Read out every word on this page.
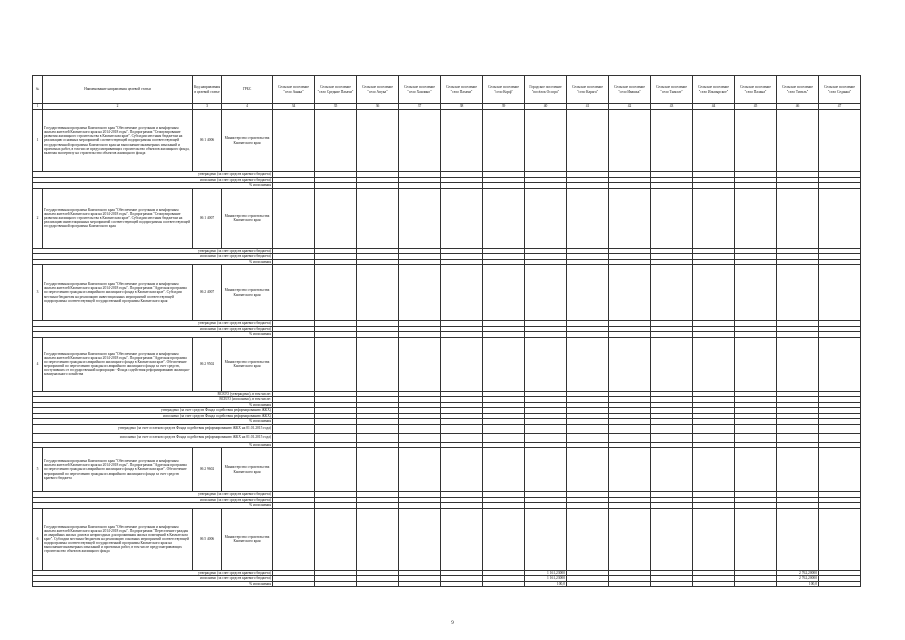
№	Наименование направления целевой статьи	Код направления в целевой статье	ГРБС	Сельское поселение "село Аянка"	Сельское поселение "село Средние Пахачи"	Сельское поселение "село Апука"	Сельское поселение "село Хаилино"	Сельское поселение "село Пахачи"	Сельское поселение "село Корф"	Городское поселение "посёлок Оссора"	Сельское поселение "село Карага"	Сельское поселение "село Ивашка"	Сельское поселение "село Тымлат"	Сельское поселение "село Ильпырское"	Сельское поселение "село Палана"	Сельское поселение "село Тигиль"	Сельское поселение "село Седанка"
1	2	3	4	34	35	36	37	38	39	40	41	42	43	44	45	46	47
1	Государственная программа Камчатского края "Обеспечение доступным и комфортным жильем жителей Камчатского края на 2014-2018 годы". Подпрограмма "Стимулирование развития жилищного строительства в Камчатском крае". Субсидии местным бюджетам на реализацию основных мероприятий соответствующей подпрограммы соответствующей государственной программы Камчатского края на выполнение инженерных изысканий и проектных работ, в том числе предусматривающих строительство объектов жилищного фонда, включая экспертизу на строительство объектов жилищного фонда	06 1 4006	Министерство строительства Камчатского края														
утверждено (за счет средств краевого бюджета)																	
исполнено (за счет средств краевого бюджета)																	
% исполнения																	
2	Государственная программа Камчатского края "Обеспечение доступным и комфортным жильем жителей Камчатского края на 2014-2018 годы". Подпрограмма "Стимулирование развития жилищного строительства в Камчатском крае". Субсидии местным бюджетам на реализацию инвестиционных мероприятий соответствующей подпрограммы соответствующей государственной программы Камчатского края	06 1 4007	Министерство строительства Камчатского края														
утверждено (за счет средств краевого бюджета)																	
исполнено (за счет средств краевого бюджета)																	
% исполнения																	
3	Государственная программа Камчатского края "Обеспечение доступным и комфортным жильем жителей Камчатского края на 2014-2018 годы". Подпрограмма "Адресная программа по переселению граждан из аварийного жилищного фонда в Камчатском крае". Субсидии местным бюджетам на реализацию инвестиционных мероприятий соответствующей подпрограммы соответствующей государственной программы Камчатского края	06 2 4007	Министерство строительства Камчатского края														
утверждено (за счет средств краевого бюджета)																	
исполнено (за счет средств краевого бюджета)																	
% исполнения																	
4	Государственная программа Камчатского края "Обеспечение доступным и комфортным жильем жителей Камчатского края на 2014-2018 годы". Подпрограмма "Адресная программа по переселению граждан из аварийного жилищного фонда в Камчатском крае". Обеспечение мероприятий по переселению граждан из аварийного жилищного фонда за счет средств, поступивших от государственной корпорации - Фонда содействия реформированию жилищно-коммунального хозяйства	06 2 9502	Министерство строительства Камчатского края														
ВСЕГО (утверждено), в том числе:																	
ВСЕГО (исполнено), в том числе:																	
% исполнения																	
утверждено (за счет средств Фонда содействия реформированию ЖКХ)																	
исполнено (за счет средств Фонда содействия реформированию ЖКХ)																	
% исполнения																	
утверждено (за счет остатков средств Фонда содействия реформированию ЖКХ на 01.01.2015 года)																	
исполнено (за счет остатков средств Фонда содействия реформированию ЖКХ на 01.01.2015 года)																	
% исполнения																	
5	Государственная программа Камчатского края "Обеспечение доступным и комфортным жильем жителей Камчатского края на 2014-2018 годы". Подпрограмма "Адресная программа по переселению граждан из аварийного жилищного фонда в Камчатском крае". Обеспечение мероприятий по переселению граждан из аварийного жилищного фонда за счет средств краевого бюджета	06 2 9602	Министерство строительства Камчатского края														
утверждено (за счет средств краевого бюджета)																	
исполнено (за счет средств краевого бюджета)																	
% исполнения																	
6	Государственная программа Камчатского края "Обеспечение доступным и комфортным жильем жителей Камчатского края на 2014-2018 годы". Подпрограмма "Переселение граждан из аварийных жилых домов и непригодных для проживания жилых помещений в Камчатском крае". Субсидии местным бюджетам на реализацию основных мероприятий соответствующей подпрограммы соответствующей государственной программы Камчатского края на выполнение инженерных изысканий и проектных работ, в том числе предусматривающих строительство объектов жилищного фонда	06 5 4006	Министерство строительства Камчатского края														
утверждено (за счет средств краевого бюджета)										1 161,23000						2 762,20000	
исполнено (за счет средств краевого бюджета)										1 161,23000						2 762,20000	
% исполнения										100,0						100,0	
9
